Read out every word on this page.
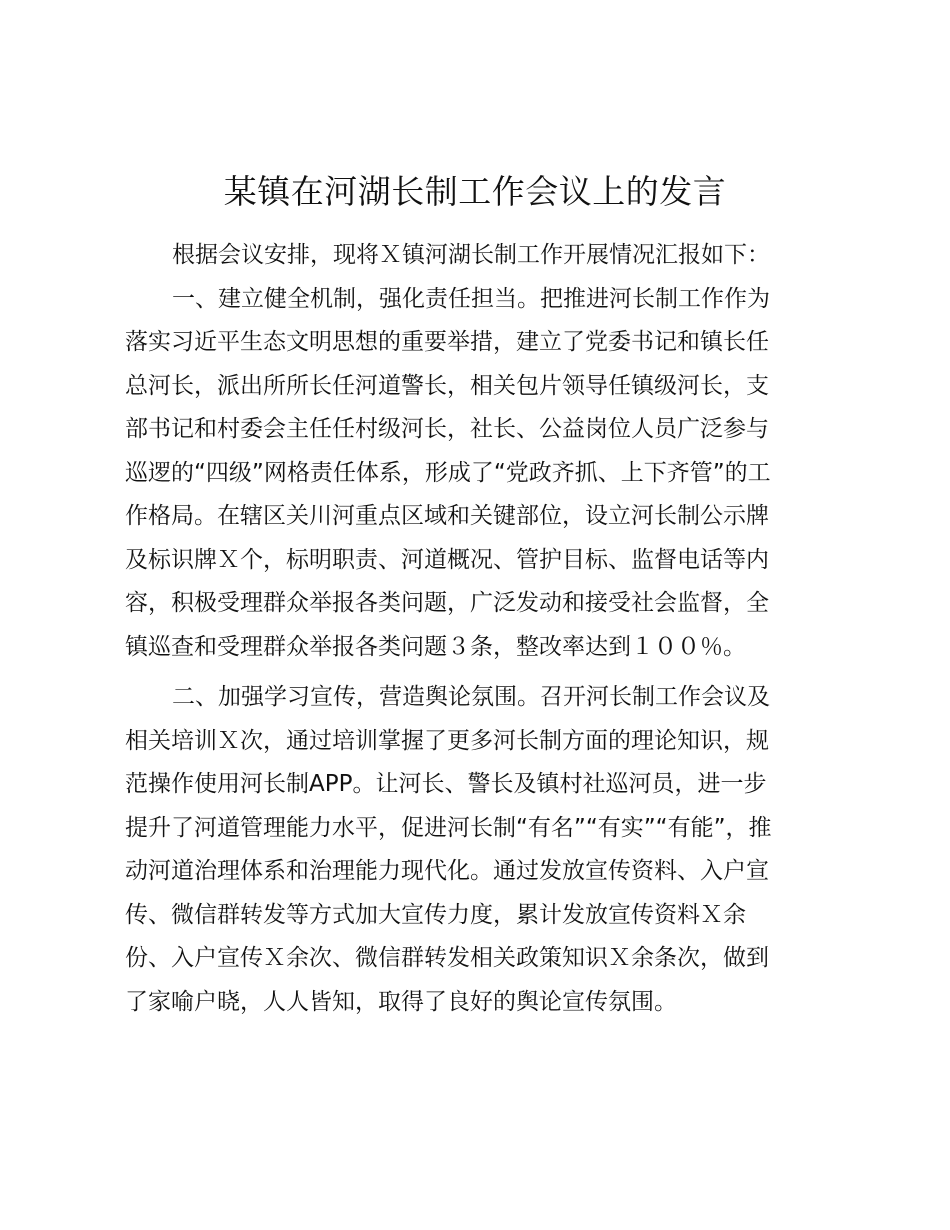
某镇在河湖长制工作会议上的发言
根据会议安排，现将Ｘ镇河湖长制工作开展情况汇报如下：
一、建立健全机制，强化责任担当。把推进河长制工作作为
落实习近平生态文明思想的重要举措，建立了党委书记和镇长任
总河长，派出所所长任河道警长，相关包片领导任镇级河长，支
部书记和村委会主任任村级河长，社长、公益岗位人员广泛参与
巡逻的“四级”网格责任体系，形成了“党政齐抓、上下齐管”的工
作格局。在辖区关川河重点区域和关键部位，设立河长制公示牌
及标识牌Ｘ个，标明职责、河道概况、管护目标、监督电话等内
容，积极受理群众举报各类问题，广泛发动和接受社会监督，全
镇巡查和受理群众举报各类问题３条，整改率达到１００％。
二、加强学习宣传，营造舆论氛围。召开河长制工作会议及
相关培训Ｘ次，通过培训掌握了更多河长制方面的理论知识，规
范操作使用河长制APP。让河长、警长及镇村社巡河员，进一步
提升了河道管理能力水平，促进河长制“有名”“有实”“有能”，推
动河道治理体系和治理能力现代化。通过发放宣传资料、入户宣
传、微信群转发等方式加大宣传力度，累计发放宣传资料Ｘ余
份、入户宣传Ｘ余次、微信群转发相关政策知识Ｘ余条次，做到
了家喻户晓，人人皆知，取得了良好的舆论宣传氛围。
